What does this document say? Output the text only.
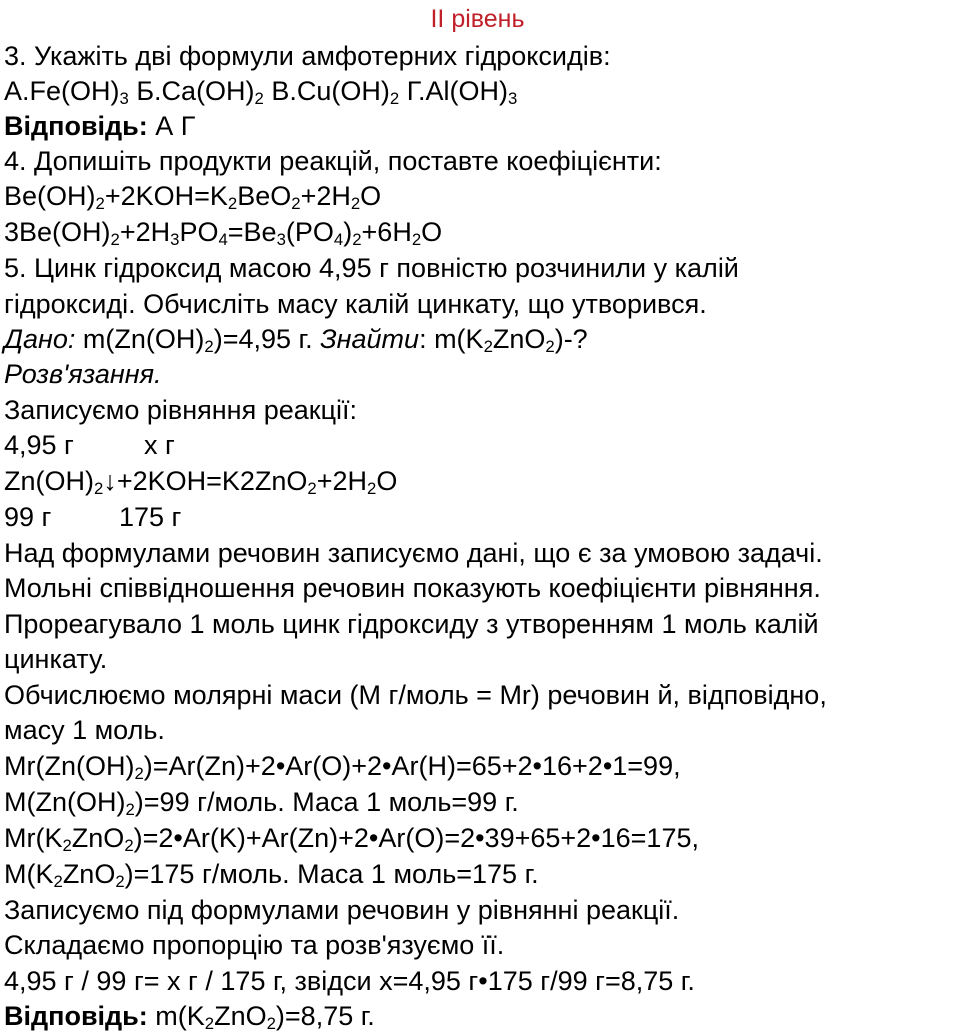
II рівень
3. Укажіть дві формули амфотерних гідроксидів:
$А.Fe(OH)_3$ $Б.Ca(OH)_2$ $В.Cu(OH)_2$ $Г.Al(OH)_3$
Відповідь: А Г
4. Допишіть продукти реакцій, поставте коефіцієнти:
$Be(OH)_2+2KOH=K_2BeO_2+2H_2O$
$3Be(OH)_2+2H_3PO_4=Be_3(PO_4)_2+6H_2O$
5. Цинк гідроксид масою 4,95 г повністю розчинили у калій
гідроксиді. Обчисліть масу калій цинкату, що утворився.
Дано: $m(Zn(OH)_2)=4,95$ г. Знайти: $m(K_2ZnO_2)-$?
Розв'язання.
Записуємо рівняння реакції:
4,95 г	х г
$Zn(OH)_2↓+2KOH=K2ZnO_2+2H_2O$
99 г	175 г
Над формулами речовин записуємо дані, що є за умовою задачі.
Мольні співвідношення речовин показують коефіцієнти рівняння.
Прореагувало 1 моль цинк гідроксиду з утворенням 1 моль калій
цинкату.
Обчислюємо молярні маси (M г/моль = Mr) речовин й, відповідно,
масу 1 моль.
$Mr(Zn(OH)_2)=Ar(Zn)+2•Ar(O)+2•Ar(H)=65+2•16+2•1=99$,
$M(Zn(OH)_2)=99$ г/моль. Маса 1 моль=99 г.
$Mr(K_2ZnO_2)=2•Ar(K)+Ar(Zn)+2•Ar(O)=2•39+65+2•16=175$,
$M(K_2ZnO_2)=175$ г/моль. Маса 1 моль=175 г.
Записуємо під формулами речовин у рівнянні реакції.
Складаємо пропорцію та розв'язуємо її.
4,95 г / 99 г= х г / 175 г, звідси х=4,95 г•175 г/99 г=8,75 г.
Відповідь: $m(K_2ZnO_2)=8,75$ г.
